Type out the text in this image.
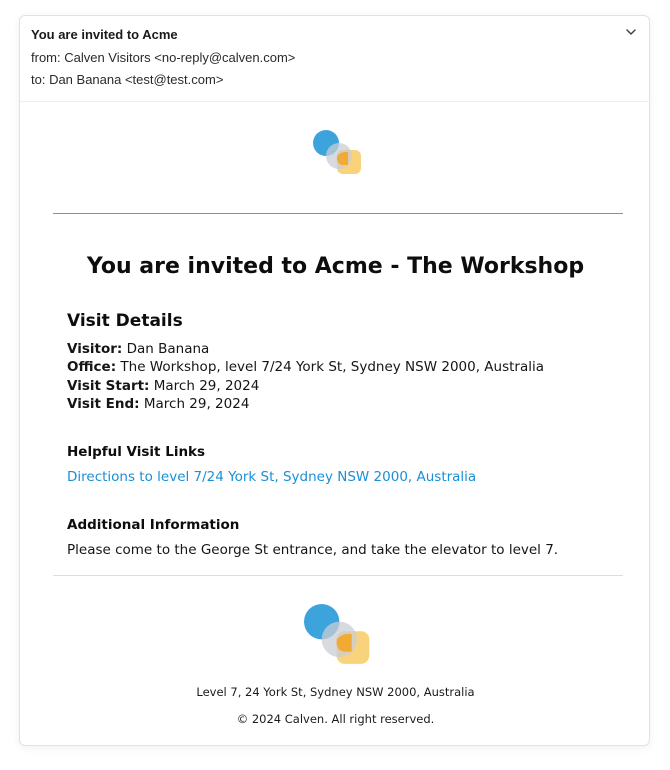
You are invited to Acme
from: Calven Visitors <no-reply@calven.com>
to: Dan Banana <test@test.com>
You are invited to Acme - The Workshop
Visit Details
Visitor: Dan Banana
Office: The Workshop, level 7/24 York St, Sydney NSW 2000, Australia
Visit Start: March 29, 2024
Visit End: March 29, 2024
Helpful Visit Links
Directions to level 7/24 York St, Sydney NSW 2000, Australia
Additional Information
Please come to the George St entrance, and take the elevator to level 7.
Level 7, 24 York St, Sydney NSW 2000, Australia
© 2024 Calven. All right reserved.
